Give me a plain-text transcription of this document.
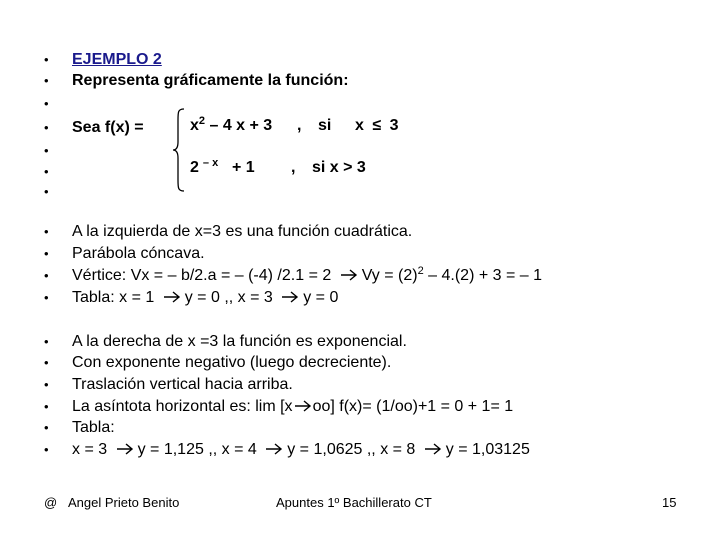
• EJEMPLO 2
• Representa gráficamente la función:
•
• Sea f(x) =
•
•
•
$x^2 - 4$ x + 3 , si x ≤ 3
2 $^{- x}$ + 1 , si x > 3
• A la izquierda de x=3 es una función cuadrática.
• Parábola cóncava.
• Vértice: Vx = – b/2.a = – (-4) /2.1 = 2 $Vy = (2)^2 - 4.(2) + 3$ = – 1
• Tabla: x = 1 y = 0 ,, x = 3 y = 0
• A la derecha de x =3 la función es exponencial.
• Con exponente negativo (luego decreciente).
• Traslación vertical hacia arriba.
• La asíntota horizontal es: lim [x oo] f(x)= (1/oo)+1 = 0 + 1= 1
• Tabla:
• x = 3 y = 1,125 ,, x = 4 y = 1,0625 ,, x = 8 y = 1,03125
@ Angel Prieto Benito	Apuntes 1º Bachillerato CT	15
